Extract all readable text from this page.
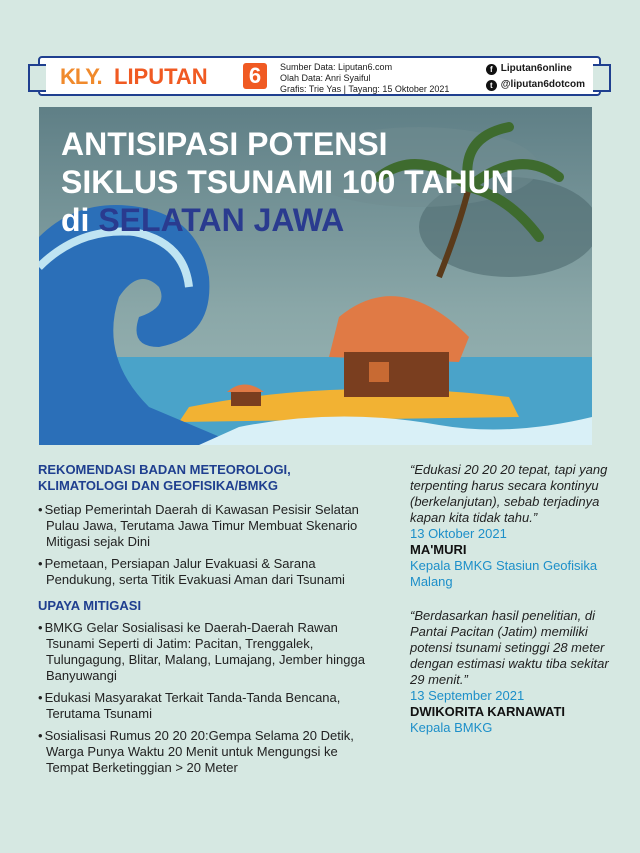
KLY. LIPUTAN 6	Sumber Data: Liputan6.com
Olah Data: Anri Syaiful
Grafis: Trie Yas | Tayang: 15 Oktober 2021
f Liputan6online
t @liputan6dotcom
ANTISIPASI POTENSI
SIKLUS TSUNAMI 100 TAHUN
di SELATAN JAWA
REKOMENDASI BADAN METEOROLOGI, KLIMATOLOGI DAN GEOFISIKA/BMKG
• Setiap Pemerintah Daerah di Kawasan Pesisir Selatan Pulau Jawa, Terutama Jawa Timur Membuat Skenario Mitigasi sejak Dini
• Pemetaan, Persiapan Jalur Evakuasi & Sarana Pendukung, serta Titik Evakuasi Aman dari Tsunami
UPAYA MITIGASI
• BMKG Gelar Sosialisasi ke Daerah-Daerah Rawan Tsunami Seperti di Jatim: Pacitan, Trenggalek, Tulungagung, Blitar, Malang, Lumajang, Jember hingga Banyuwangi
• Edukasi Masyarakat Terkait Tanda-Tanda Bencana, Terutama Tsunami
• Sosialisasi Rumus 20 20 20:Gempa Selama 20 Detik, Warga Punya Waktu 20 Menit untuk Mengungsi ke Tempat Berketinggian > 20 Meter
“Edukasi 20 20 20 tepat, tapi yang terpenting harus secara kontinyu (berkelanjutan), sebab terjadinya kapan kita tidak tahu.”
13 Oktober 2021
MA'MURI
Kepala BMKG Stasiun Geofisika Malang
“Berdasarkan hasil penelitian, di Pantai Pacitan (Jatim) memiliki potensi tsunami setinggi 28 meter dengan estimasi waktu tiba sekitar 29 menit.”
13 September 2021
DWIKORITA KARNAWATI
Kepala BMKG
